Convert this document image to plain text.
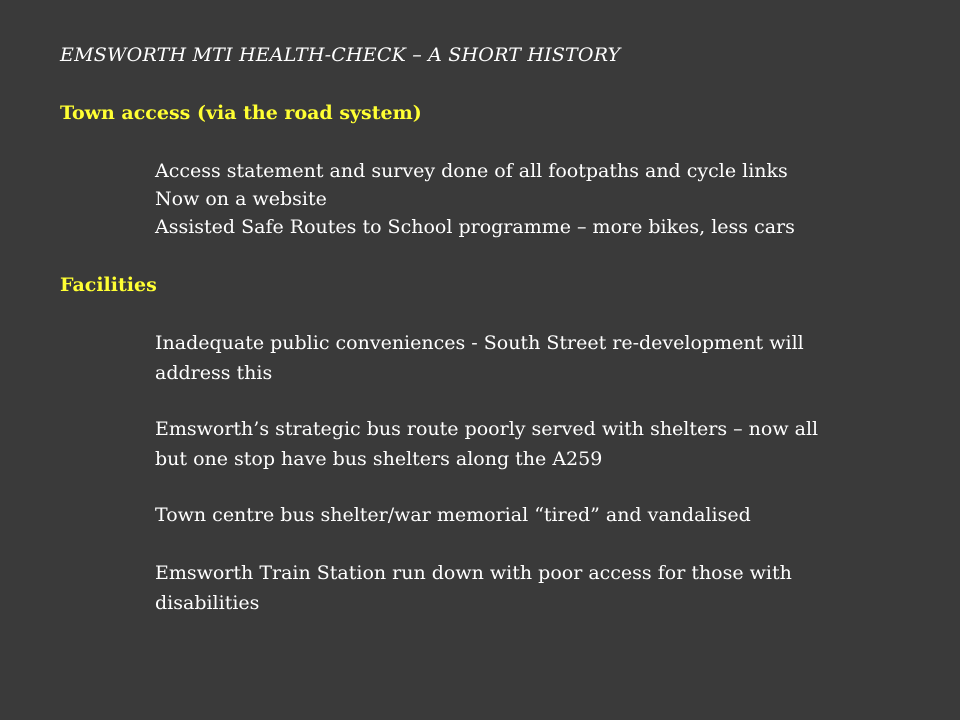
EMSWORTH MTI HEALTH-CHECK – A SHORT HISTORY
Town access (via the road system)
Access statement and survey done of all footpaths and cycle links
Now on a website
Assisted Safe Routes to School programme – more bikes, less cars
Facilities
Inadequate public conveniences - South Street re-development will
address this
Emsworth’s strategic bus route poorly served with shelters – now all
but one stop have bus shelters along the A259
Town centre bus shelter/war memorial “tired” and vandalised
Emsworth Train Station run down with poor access for those with
disabilities
